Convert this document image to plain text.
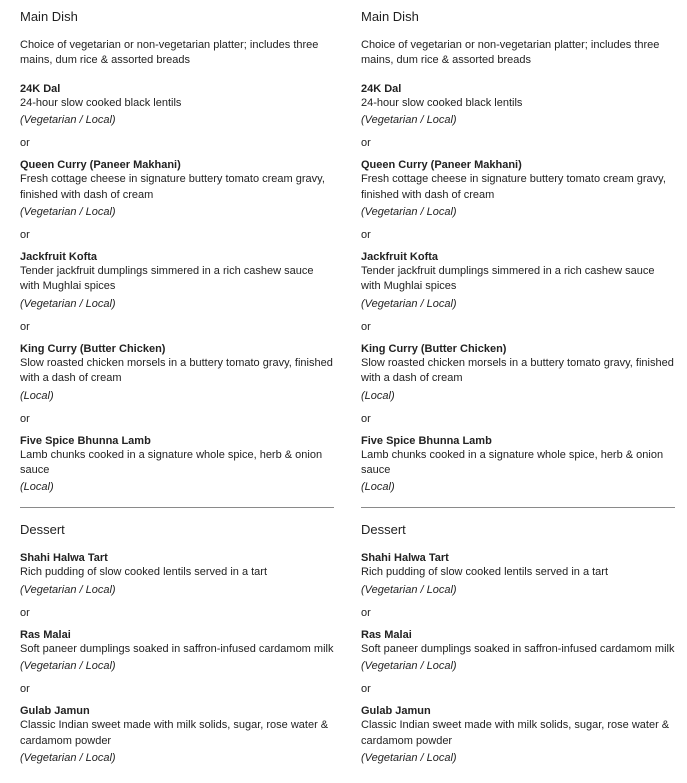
Main Dish

Choice of vegetarian or non-vegetarian platter; includes three mains, dum rice & assorted breads

24K Dal

24-hour slow cooked black lentils

(Vegetarian / Local)

or

Queen Curry (Paneer Makhani)

Fresh cottage cheese in signature buttery tomato cream gravy, finished with dash of cream

(Vegetarian / Local)

or

Jackfruit Kofta

Tender jackfruit dumplings simmered in a rich cashew sauce with Mughlai spices

(Vegetarian / Local)

or

King Curry (Butter Chicken)

Slow roasted chicken morsels in a buttery tomato gravy, finished with a dash of cream

(Local)

or

Five Spice Bhunna Lamb

Lamb chunks cooked in a signature whole spice, herb & onion sauce

(Local)

Dessert

Shahi Halwa Tart

Rich pudding of slow cooked lentils served in a tart

(Vegetarian / Local)

or

Ras Malai

Soft paneer dumplings soaked in saffron-infused cardamom milk

(Vegetarian / Local)

or

Gulab Jamun

Classic Indian sweet made with milk solids, sugar, rose water & cardamom powder

(Vegetarian / Local)

Main Dish

Choice of vegetarian or non-vegetarian platter; includes three mains, dum rice & assorted breads

24K Dal

24-hour slow cooked black lentils

(Vegetarian / Local)

or

Queen Curry (Paneer Makhani)

Fresh cottage cheese in signature buttery tomato cream gravy, finished with dash of cream

(Vegetarian / Local)

or

Jackfruit Kofta

Tender jackfruit dumplings simmered in a rich cashew sauce with Mughlai spices

(Vegetarian / Local)

or

King Curry (Butter Chicken)

Slow roasted chicken morsels in a buttery tomato gravy, finished with a dash of cream

(Local)

or

Five Spice Bhunna Lamb

Lamb chunks cooked in a signature whole spice, herb & onion sauce

(Local)

Dessert

Shahi Halwa Tart

Rich pudding of slow cooked lentils served in a tart

(Vegetarian / Local)

or

Ras Malai

Soft paneer dumplings soaked in saffron-infused cardamom milk

(Vegetarian / Local)

or

Gulab Jamun

Classic Indian sweet made with milk solids, sugar, rose water & cardamom powder

(Vegetarian / Local)
